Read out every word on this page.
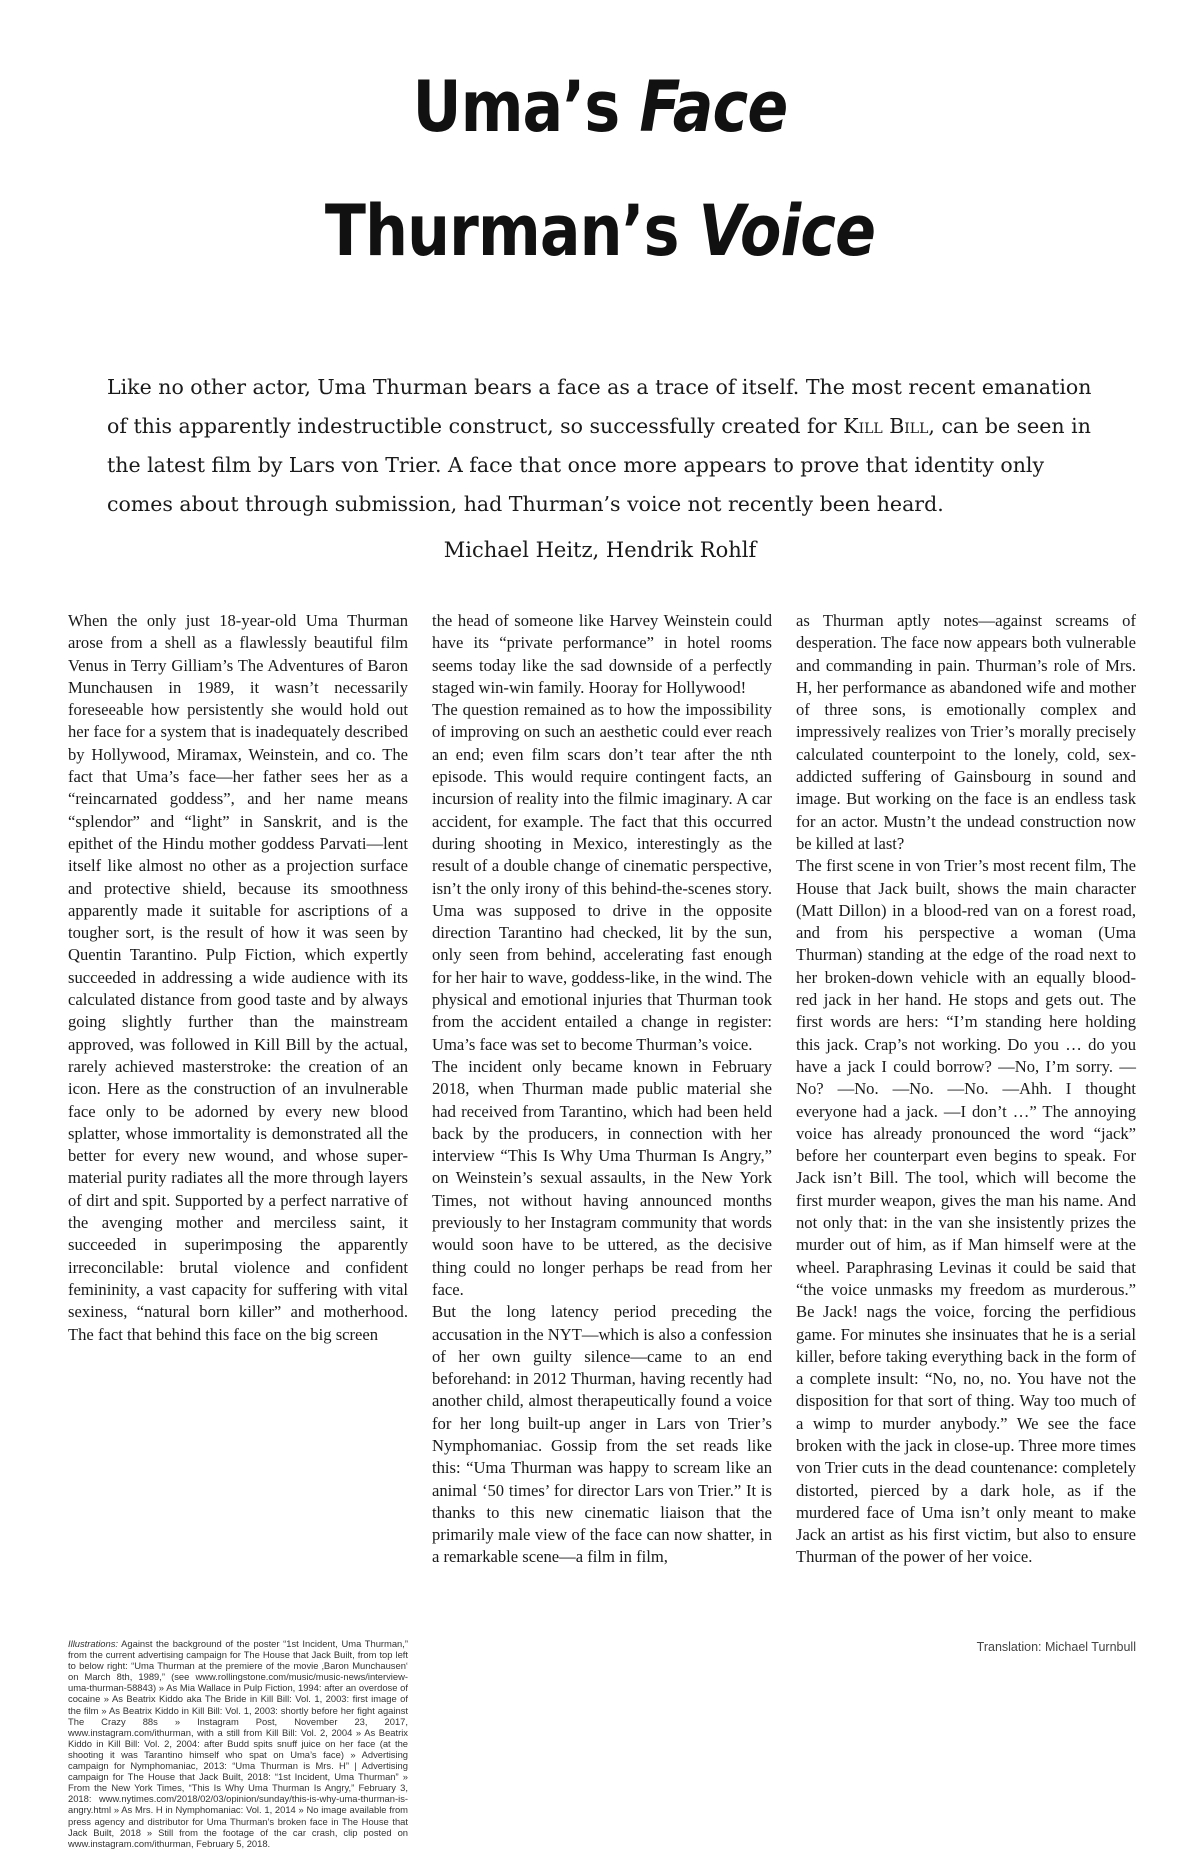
Uma’s Face
Thurman’s Voice

Like no other actor, Uma Thurman bears a face as a trace of itself. The most recent emanation of this apparently indestructible construct, so successfully created for Kill Bill, can be seen in the latest film by Lars von Trier. A face that once more appears to prove that identity only comes about through submission, had Thurman’s voice not recently been heard.

Michael Heitz, Hendrik Rohlf

When the only just 18-year-old Uma Thurman arose from a shell as a flawlessly beautiful film Venus in Terry Gilliam’s The Adventures of Baron Munchausen in 1989, it wasn’t necessarily foreseeable how persistently she would hold out her face for a system that is inadequately described by Hollywood, Miramax, Weinstein, and co. The fact that Uma’s face—her father sees her as a “reincarnated goddess”, and her name means “splendor” and “light” in Sanskrit, and is the epithet of the Hindu mother goddess Parvati—lent itself like almost no other as a projection surface and protective shield, because its smoothness apparently made it suitable for ascriptions of a tougher sort, is the result of how it was seen by Quentin Tarantino. Pulp Fiction, which expertly succeeded in addressing a wide audience with its calculated distance from good taste and by always going slightly further than the mainstream approved, was followed in Kill Bill by the actual, rarely achieved masterstroke: the creation of an icon. Here as the construction of an invulnerable face only to be adorned by every new blood splatter, whose immortality is demonstrated all the better for every new wound, and whose super-material purity radiates all the more through layers of dirt and spit. Supported by a perfect narrative of the avenging mother and merciless saint, it succeeded in superimposing the apparently irreconcilable: brutal violence and confident femininity, a vast capacity for suffering with vital sexiness, “natural born killer” and motherhood. The fact that behind this face on the big screen

the head of someone like Harvey Weinstein could have its “private performance” in hotel rooms seems today like the sad downside of a perfectly staged win-win family. Hooray for Hollywood!

The question remained as to how the impossibility of improving on such an aesthetic could ever reach an end; even film scars don’t tear after the nth episode. This would require contingent facts, an incursion of reality into the filmic imaginary. A car accident, for example. The fact that this occurred during shooting in Mexico, interestingly as the result of a double change of cinematic perspective, isn’t the only irony of this behind-the-scenes story. Uma was supposed to drive in the opposite direction Tarantino had checked, lit by the sun, only seen from behind, accelerating fast enough for her hair to wave, goddess-like, in the wind. The physical and emotional injuries that Thurman took from the accident entailed a change in register: Uma’s face was set to become Thurman’s voice.

The incident only became known in February 2018, when Thurman made public material she had received from Tarantino, which had been held back by the producers, in connection with her interview “This Is Why Uma Thurman Is Angry,” on Weinstein’s sexual assaults, in the New York Times, not without having announced months previously to her Instagram community that words would soon have to be uttered, as the decisive thing could no longer perhaps be read from her face.

But the long latency period preceding the accusation in the NYT—which is also a confession of her own guilty silence—came to an end beforehand: in 2012 Thurman, having recently had another child, almost therapeutically found a voice for her long built-up anger in Lars von Trier’s Nymphomaniac. Gossip from the set reads like this: “Uma Thurman was happy to scream like an animal ‘50 times’ for director Lars von Trier.” It is thanks to this new cinematic liaison that the primarily male view of the face can now shatter, in a remarkable scene—a film in film,

as Thurman aptly notes—against screams of desperation. The face now appears both vulnerable and commanding in pain. Thurman’s role of Mrs. H, her performance as abandoned wife and mother of three sons, is emotionally complex and impressively realizes von Trier’s morally precisely calculated counterpoint to the lonely, cold, sex-addicted suffering of Gainsbourg in sound and image. But working on the face is an endless task for an actor. Mustn’t the undead construction now be killed at last?

The first scene in von Trier’s most recent film, The House that Jack built, shows the main character (Matt Dillon) in a blood-red van on a forest road, and from his perspective a woman (Uma Thurman) standing at the edge of the road next to her broken-down vehicle with an equally blood-red jack in her hand. He stops and gets out. The first words are hers: “I’m standing here holding this jack. Crap’s not working. Do you … do you have a jack I could borrow? —No, I’m sorry. —No? —No. —No. —No. —Ahh. I thought everyone had a jack. —I don’t …” The annoying voice has already pronounced the word “jack” before her counterpart even begins to speak. For Jack isn’t Bill. The tool, which will become the first murder weapon, gives the man his name. And not only that: in the van she insistently prizes the murder out of him, as if Man himself were at the wheel. Paraphrasing Levinas it could be said that “the voice unmasks my freedom as murderous.” Be Jack! nags the voice, forcing the perfidious game. For minutes she insinuates that he is a serial killer, before taking everything back in the form of a complete insult: “No, no, no. You have not the disposition for that sort of thing. Way too much of a wimp to murder anybody.” We see the face broken with the jack in close-up. Three more times von Trier cuts in the dead countenance: completely distorted, pierced by a dark hole, as if the murdered face of Uma isn’t only meant to make Jack an artist as his first victim, but also to ensure Thurman of the power of her voice.

Illustrations: Against the background of the poster “1st Incident, Uma Thurman,” from the current advertising campaign for The House that Jack Built, from top left to below right: “Uma Thurman at the premiere of the movie ‚Baron Munchausen‘ on March 8th, 1989,” (see www.rollingstone.com/music/music-news/interview-uma-thurman-58843) » As Mia Wallace in Pulp Fiction, 1994: after an overdose of cocaine » As Beatrix Kiddo aka The Bride in Kill Bill: Vol. 1, 2003: first image of the film » As Beatrix Kiddo in Kill Bill: Vol. 1, 2003: shortly before her fight against The Crazy 88s » Instagram Post, November 23, 2017, www.instagram.com/ithurman, with a still from Kill Bill: Vol. 2, 2004 » As Beatrix Kiddo in Kill Bill: Vol. 2, 2004: after Budd spits snuff juice on her face (at the shooting it was Tarantino himself who spat on Uma’s face) » Advertising campaign for Nymphomaniac, 2013: “Uma Thurman is Mrs. H” | Advertising campaign for The House that Jack Built, 2018: “1st Incident, Uma Thurman” » From the New York Times, “This Is Why Uma Thurman Is Angry,” February 3, 2018: www.nytimes.com/2018/02/03/opinion/sunday/this-is-why-uma-thurman-is-angry.html » As Mrs. H in Nymphomaniac: Vol. 1, 2014 » No image available from press agency and distributor for Uma Thurman’s broken face in The House that Jack Built, 2018 » Still from the footage of the car crash, clip posted on www.instagram.com/ithurman, February 5, 2018.

Translation: Michael Turnbull
